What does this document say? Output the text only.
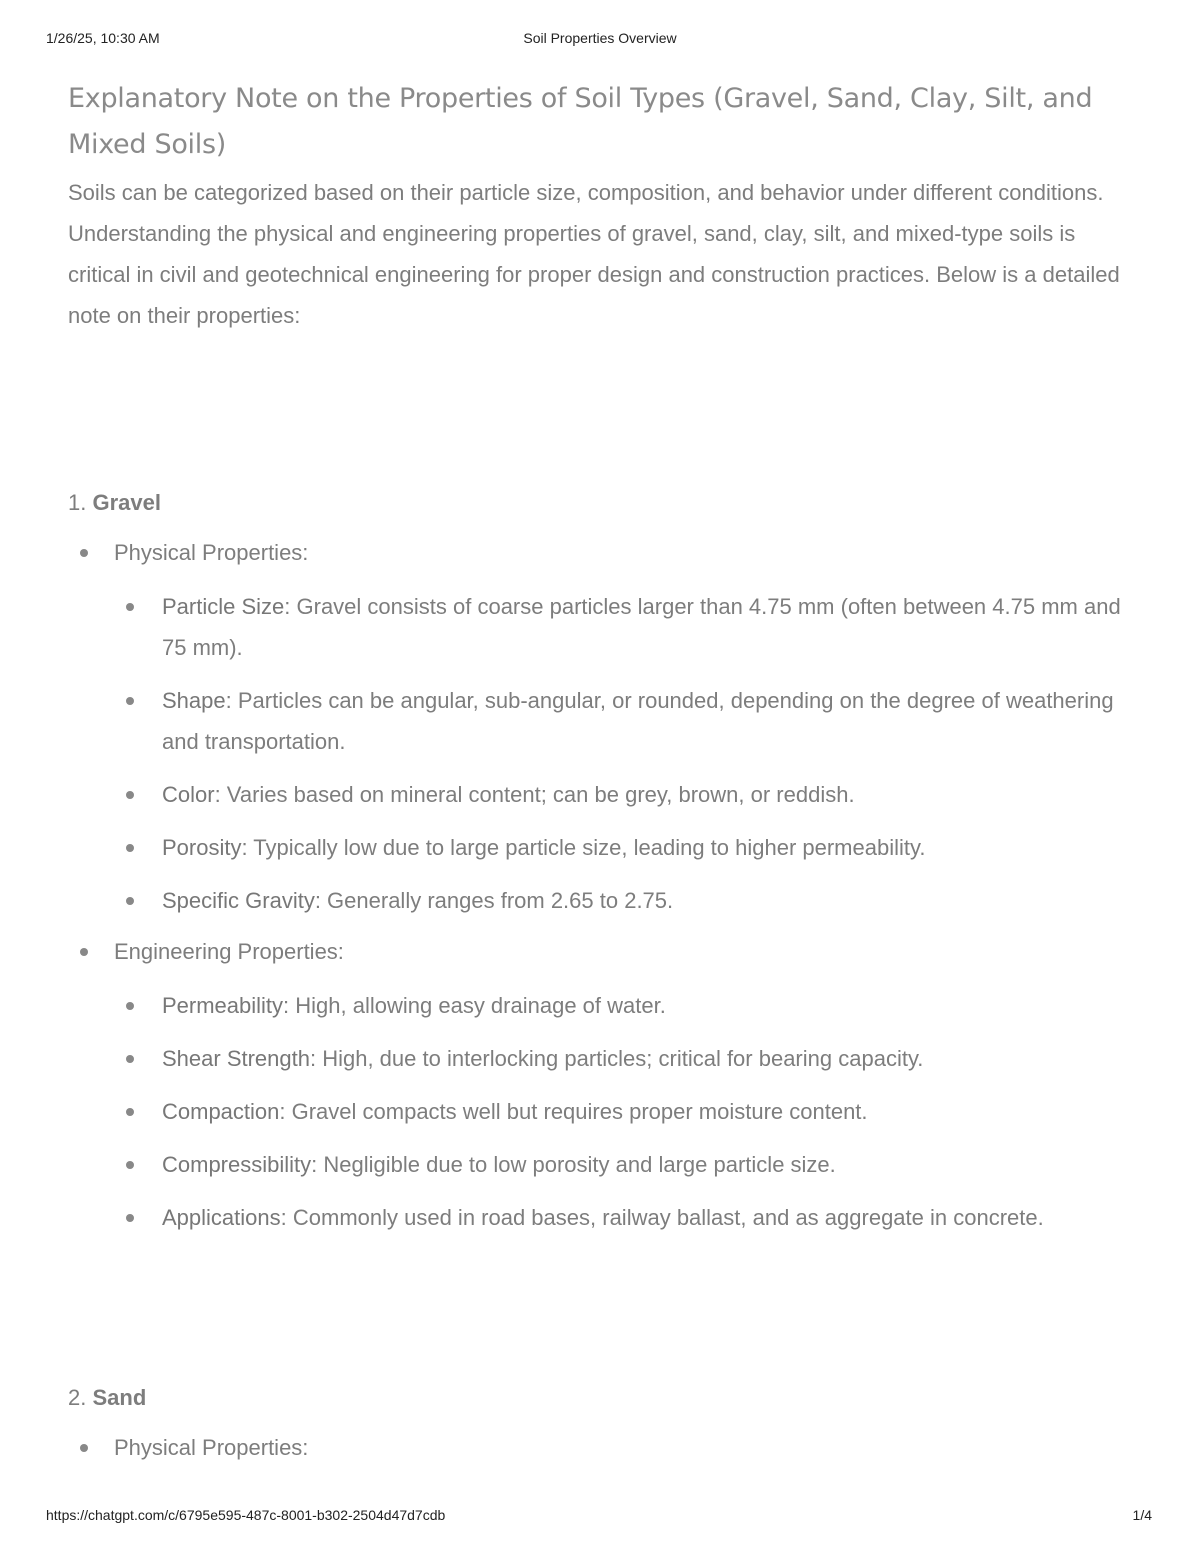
1/26/25, 10:30 AM	Soil Properties Overview
Explanatory Note on the Properties of Soil Types (Gravel, Sand, Clay, Silt, and Mixed Soils)

Soils can be categorized based on their particle size, composition, and behavior under different conditions. Understanding the physical and engineering properties of gravel, sand, clay, silt, and mixed-type soils is critical in civil and geotechnical engineering for proper design and construction practices. Below is a detailed note on their properties:

1. Gravel

Physical Properties:
Particle Size: Gravel consists of coarse particles larger than 4.75 mm (often between 4.75 mm and 75 mm).
Shape: Particles can be angular, sub-angular, or rounded, depending on the degree of weathering and transportation.
Color: Varies based on mineral content; can be grey, brown, or reddish.
Porosity: Typically low due to large particle size, leading to higher permeability.
Specific Gravity: Generally ranges from 2.65 to 2.75.
Engineering Properties:
Permeability: High, allowing easy drainage of water.
Shear Strength: High, due to interlocking particles; critical for bearing capacity.
Compaction: Gravel compacts well but requires proper moisture content.
Compressibility: Negligible due to low porosity and large particle size.
Applications: Commonly used in road bases, railway ballast, and as aggregate in concrete.

2. Sand

Physical Properties:
https://chatgpt.com/c/6795e595-487c-8001-b302-2504d47d7cdb	1/4
